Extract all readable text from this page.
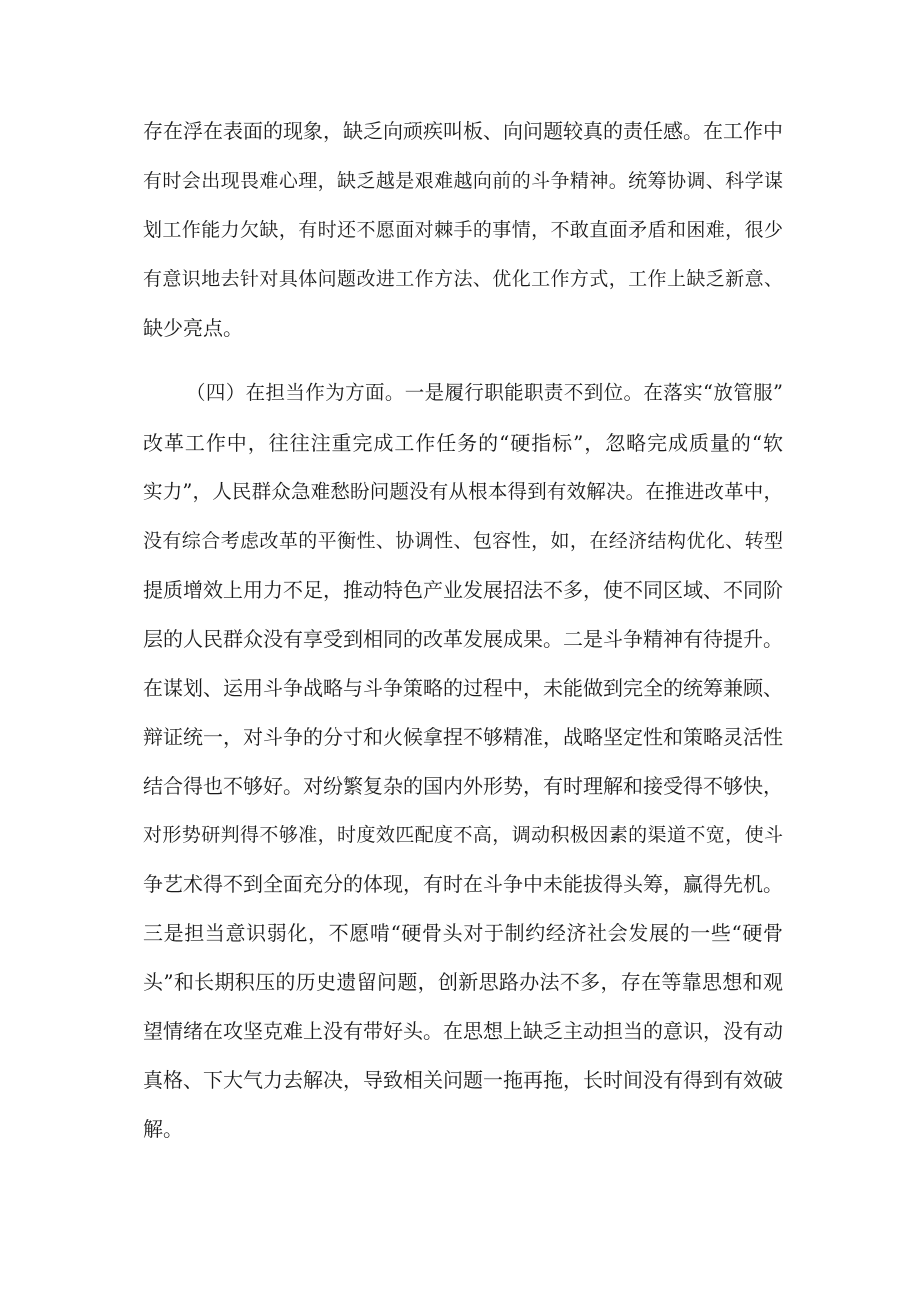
存在浮在表面的现象，缺乏向顽疾叫板、向问题较真的责任感。在工作中
有时会出现畏难心理，缺乏越是艰难越向前的斗争精神。统筹协调、科学谋
划工作能力欠缺，有时还不愿面对棘手的事情，不敢直面矛盾和困难，很少
有意识地去针对具体问题改进工作方法、优化工作方式，工作上缺乏新意、
缺少亮点。
（四）在担当作为方面。一是履行职能职责不到位。在落实“放管服”
改革工作中，往往注重完成工作任务的“硬指标”，忽略完成质量的“软
实力”，人民群众急难愁盼问题没有从根本得到有效解决。在推进改革中，
没有综合考虑改革的平衡性、协调性、包容性，如，在经济结构优化、转型
提质增效上用力不足，推动特色产业发展招法不多，使不同区域、不同阶
层的人民群众没有享受到相同的改革发展成果。二是斗争精神有待提升。
在谋划、运用斗争战略与斗争策略的过程中，未能做到完全的统筹兼顾、
辩证统一，对斗争的分寸和火候拿捏不够精准，战略坚定性和策略灵活性
结合得也不够好。对纷繁复杂的国内外形势，有时理解和接受得不够快，
对形势研判得不够准，时度效匹配度不高，调动积极因素的渠道不宽，使斗
争艺术得不到全面充分的体现，有时在斗争中未能拔得头筹，赢得先机。
三是担当意识弱化，不愿啃“硬骨头对于制约经济社会发展的一些“硬骨
头”和长期积压的历史遗留问题，创新思路办法不多，存在等靠思想和观
望情绪在攻坚克难上没有带好头。在思想上缺乏主动担当的意识，没有动
真格、下大气力去解决，导致相关问题一拖再拖，长时间没有得到有效破
解。
